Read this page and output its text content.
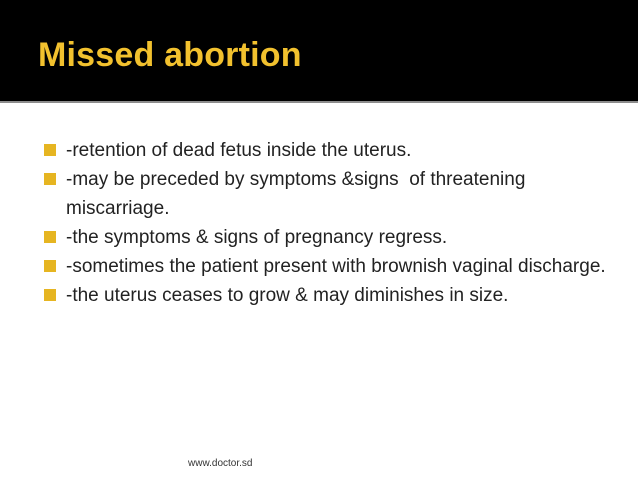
Missed abortion
-retention of dead fetus inside the uterus.
-may be preceded by symptoms &signs  of threatening miscarriage.
-the symptoms & signs of pregnancy regress.
-sometimes the patient present with brownish vaginal discharge.
-the uterus ceases to grow & may diminishes in size.
www.doctor.sd
